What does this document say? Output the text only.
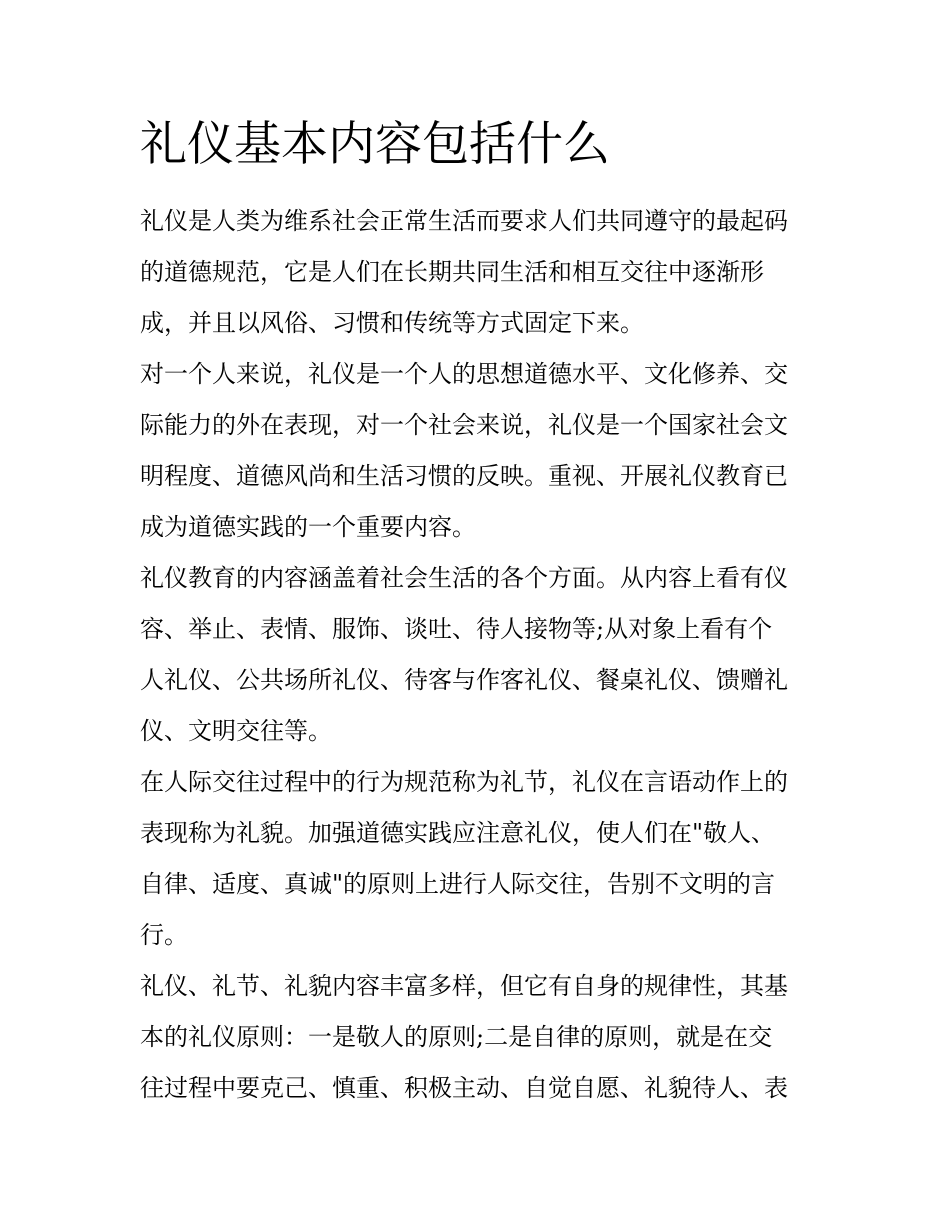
礼仪基本内容包括什么
礼仪是人类为维系社会正常生活而要求人们共同遵守的最起码
的道德规范，它是人们在长期共同生活和相互交往中逐渐形
成，并且以风俗、习惯和传统等方式固定下来。
对一个人来说，礼仪是一个人的思想道德水平、文化修养、交
际能力的外在表现，对一个社会来说，礼仪是一个国家社会文
明程度、道德风尚和生活习惯的反映。重视、开展礼仪教育已
成为道德实践的一个重要内容。
礼仪教育的内容涵盖着社会生活的各个方面。从内容上看有仪
容、举止、表情、服饰、谈吐、待人接物等;从对象上看有个
人礼仪、公共场所礼仪、待客与作客礼仪、餐桌礼仪、馈赠礼
仪、文明交往等。
在人际交往过程中的行为规范称为礼节，礼仪在言语动作上的
表现称为礼貌。加强道德实践应注意礼仪，使人们在"敬人、
自律、适度、真诚"的原则上进行人际交往，告别不文明的言
行。
礼仪、礼节、礼貌内容丰富多样，但它有自身的规律性，其基
本的礼仪原则：一是敬人的原则;二是自律的原则，就是在交
往过程中要克己、慎重、积极主动、自觉自愿、礼貌待人、表
